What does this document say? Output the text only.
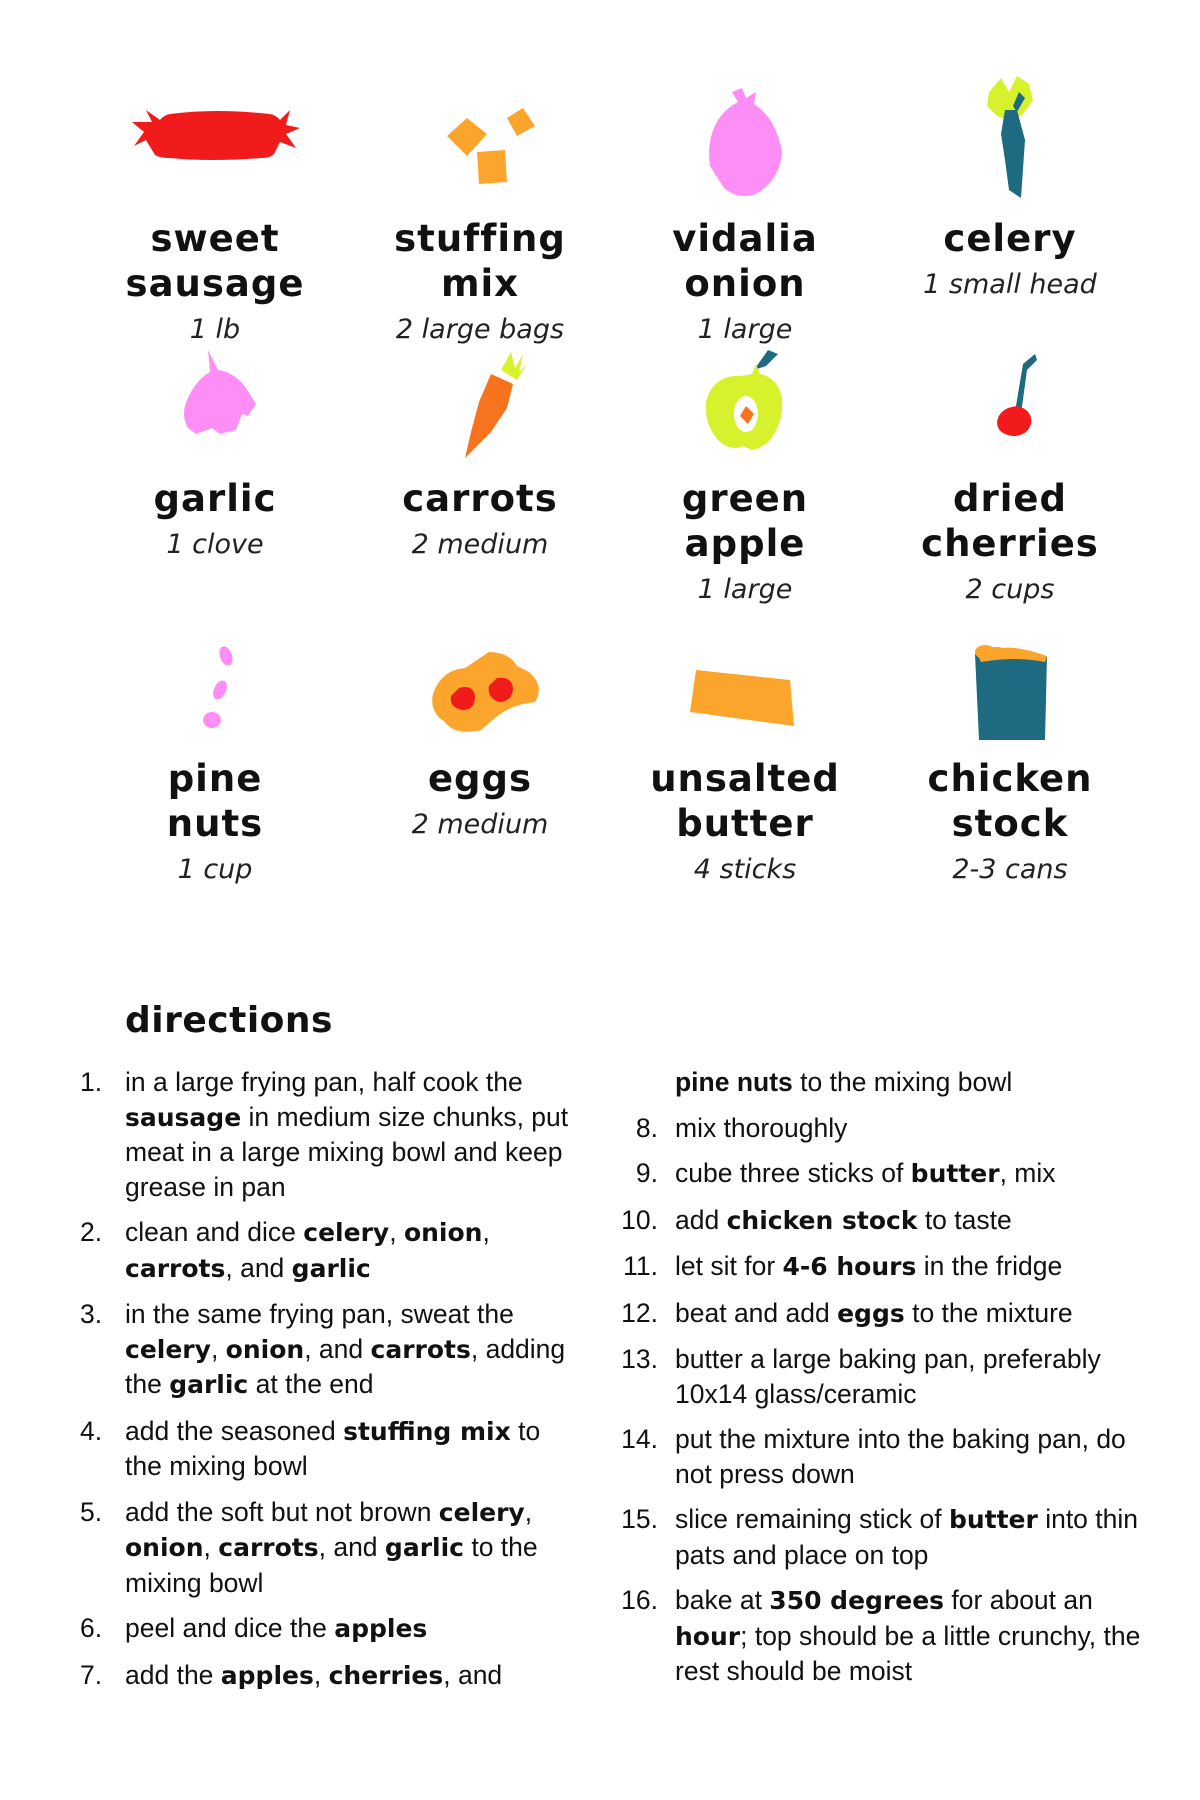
sweet
sausage
1 lb
stuffing
mix
2 large bags
vidalia
onion
1 large
celery
1 small head
garlic
1 clove
carrots
2 medium
green
apple
1 large
dried
cherries
2 cups
pine
nuts
1 cup
eggs
2 medium
unsalted
butter
4 sticks
chicken
stock
2-3 cans
directions
1. in a large frying pan, half cook the sausage in medium size chunks, put meat in a large mixing bowl and keep grease in pan
2. clean and dice celery, onion, carrots, and garlic
3. in the same frying pan, sweat the celery, onion, and carrots, adding the garlic at the end
4. add the seasoned stuffing mix to the mixing bowl
5. add the soft but not brown celery, onion, carrots, and garlic to the mixing bowl
6. peel and dice the apples
7. add the apples, cherries, and
pine nuts to the mixing bowl
8. mix thoroughly
9. cube three sticks of butter, mix
10. add chicken stock to taste
11. let sit for 4-6 hours in the fridge
12. beat and add eggs to the mixture
13. butter a large baking pan, preferably 10x14 glass/ceramic
14. put the mixture into the baking pan, do not press down
15. slice remaining stick of butter into thin pats and place on top
16. bake at 350 degrees for about an hour; top should be a little crunchy, the rest should be moist
